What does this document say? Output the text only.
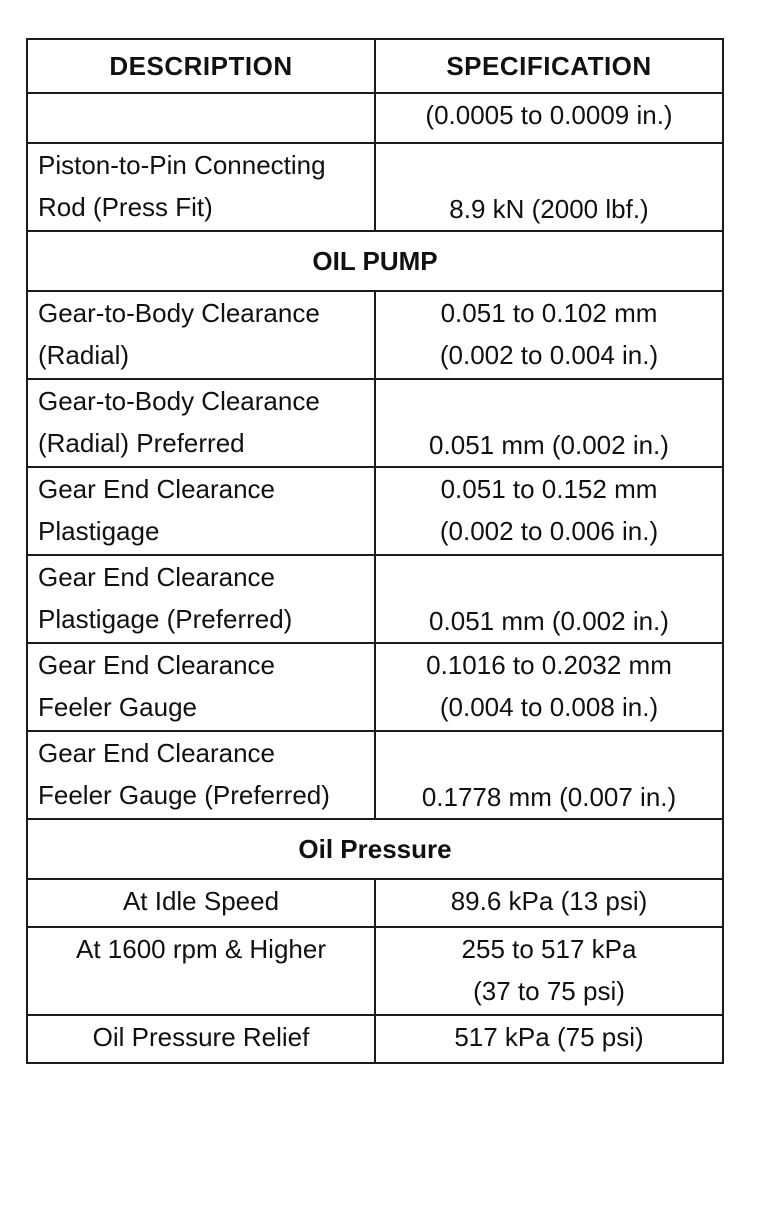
DESCRIPTION	SPECIFICATION

	(0.0005 to 0.0009 in.)

Piston-to-Pin Connecting
Rod (Press Fit)	8.9 kN (2000 lbf.)

OIL PUMP	

Gear-to-Body Clearance
(Radial)	0.051 to 0.102 mm
(0.002 to 0.004 in.)

Gear-to-Body Clearance
(Radial) Preferred	0.051 mm (0.002 in.)

Gear End Clearance
Plastigage	0.051 to 0.152 mm
(0.002 to 0.006 in.)

Gear End Clearance
Plastigage (Preferred)	0.051 mm (0.002 in.)

Gear End Clearance
Feeler Gauge	0.1016 to 0.2032 mm
(0.004 to 0.008 in.)

Gear End Clearance
Feeler Gauge (Preferred)	0.1778 mm (0.007 in.)

Oil Pressure	

At Idle Speed	89.6 kPa (13 psi)

At 1600 rpm & Higher	255 to 517 kPa
(37 to 75 psi)

Oil Pressure Relief	517 kPa (75 psi)
